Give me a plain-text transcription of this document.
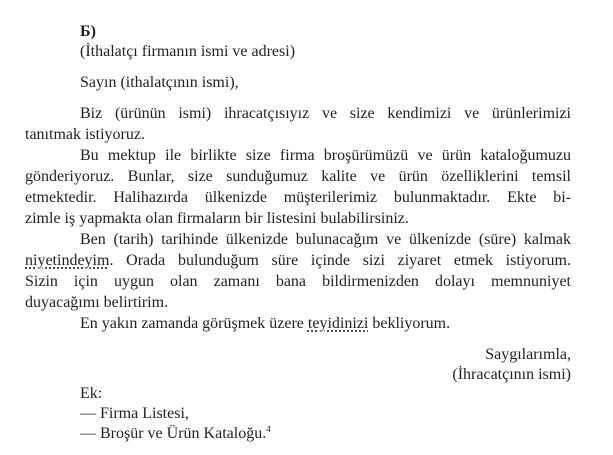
Б)
(İthalatçı firmanın ismi ve adresi)
Sayın (ithalatçının ismi),
Biz (ürünün ismi) ihracatçısıyız ve size kendimizi ve ürünlerimizi
tanıtmak istiyoruz.
Bu mektup ile birlikte size firma broşürümüzü ve ürün kataloğumuzu
gönderiyoruz. Bunlar, size sunduğumuz kalite ve ürün özelliklerini temsil
etmektedir. Halihazırda ülkenizde müşterilerimiz bulunmaktadır. Ekte bi-
zimle iş yapmakta olan firmaların bir listesini bulabilirsiniz.
Ben (tarih) tarihinde ülkenizde bulunacağım ve ülkenizde (süre) kalmak
niyetindeyim. Orada bulunduğum süre içinde sizi ziyaret etmek istiyorum.
Sizin için uygun olan zamanı bana bildirmenizden dolayı memnuniyet
duyacağımı belirtirim.
En yakın zamanda görüşmek üzere teyidinizi bekliyorum.
Saygılarımla,
(İhracatçının ismi)
Ek:
— Firma Listesi,
— Broşür ve Ürün Kataloğu.$^4$
